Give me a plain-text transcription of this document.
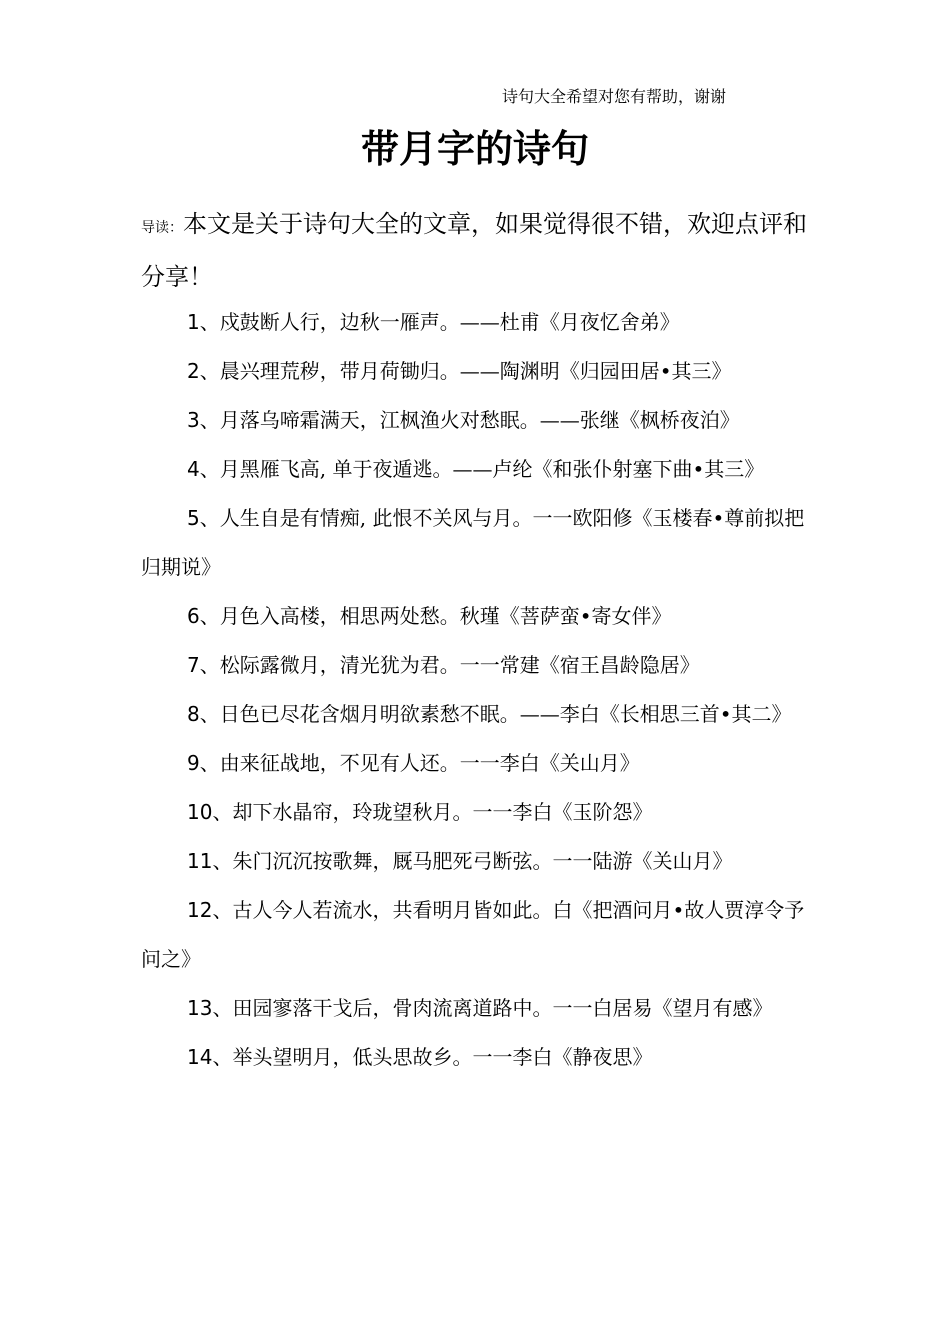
诗句大全希望对您有帮助，谢谢
带月字的诗句
导读：本文是关于诗句大全的文章，如果觉得很不错，欢迎点评和分享！

1、戍鼓断人行，边秋一雁声。——杜甫《月夜忆舍弟》

2、晨兴理荒秽，带月荷锄归。——陶渊明《归园田居•其三》

3、月落乌啼霜满天，江枫渔火对愁眠。——张继《枫桥夜泊》

4、月黑雁飞高, 单于夜遁逃。——卢纶《和张仆射塞下曲•其三》

5、人生自是有情痴, 此恨不关风与月。一一欧阳修《玉楼春•尊前拟把归期说》

6、月色入高楼，相思两处愁。秋瑾《菩萨蛮•寄女伴》

7、松际露微月，清光犹为君。一一常建《宿王昌龄隐居》

8、日色已尽花含烟月明欲素愁不眠。——李白《长相思三首•其二》

9、由来征战地，不见有人还。一一李白《关山月》

10、却下水晶帘，玲珑望秋月。一一李白《玉阶怨》

11、朱门沉沉按歌舞，厩马肥死弓断弦。一一陆游《关山月》

12、古人今人若流水，共看明月皆如此。白《把酒问月•故人贾淳令予问之》

13、田园寥落干戈后，骨肉流离道路中。一一白居易《望月有感》

14、举头望明月，低头思故乡。一一李白《静夜思》
